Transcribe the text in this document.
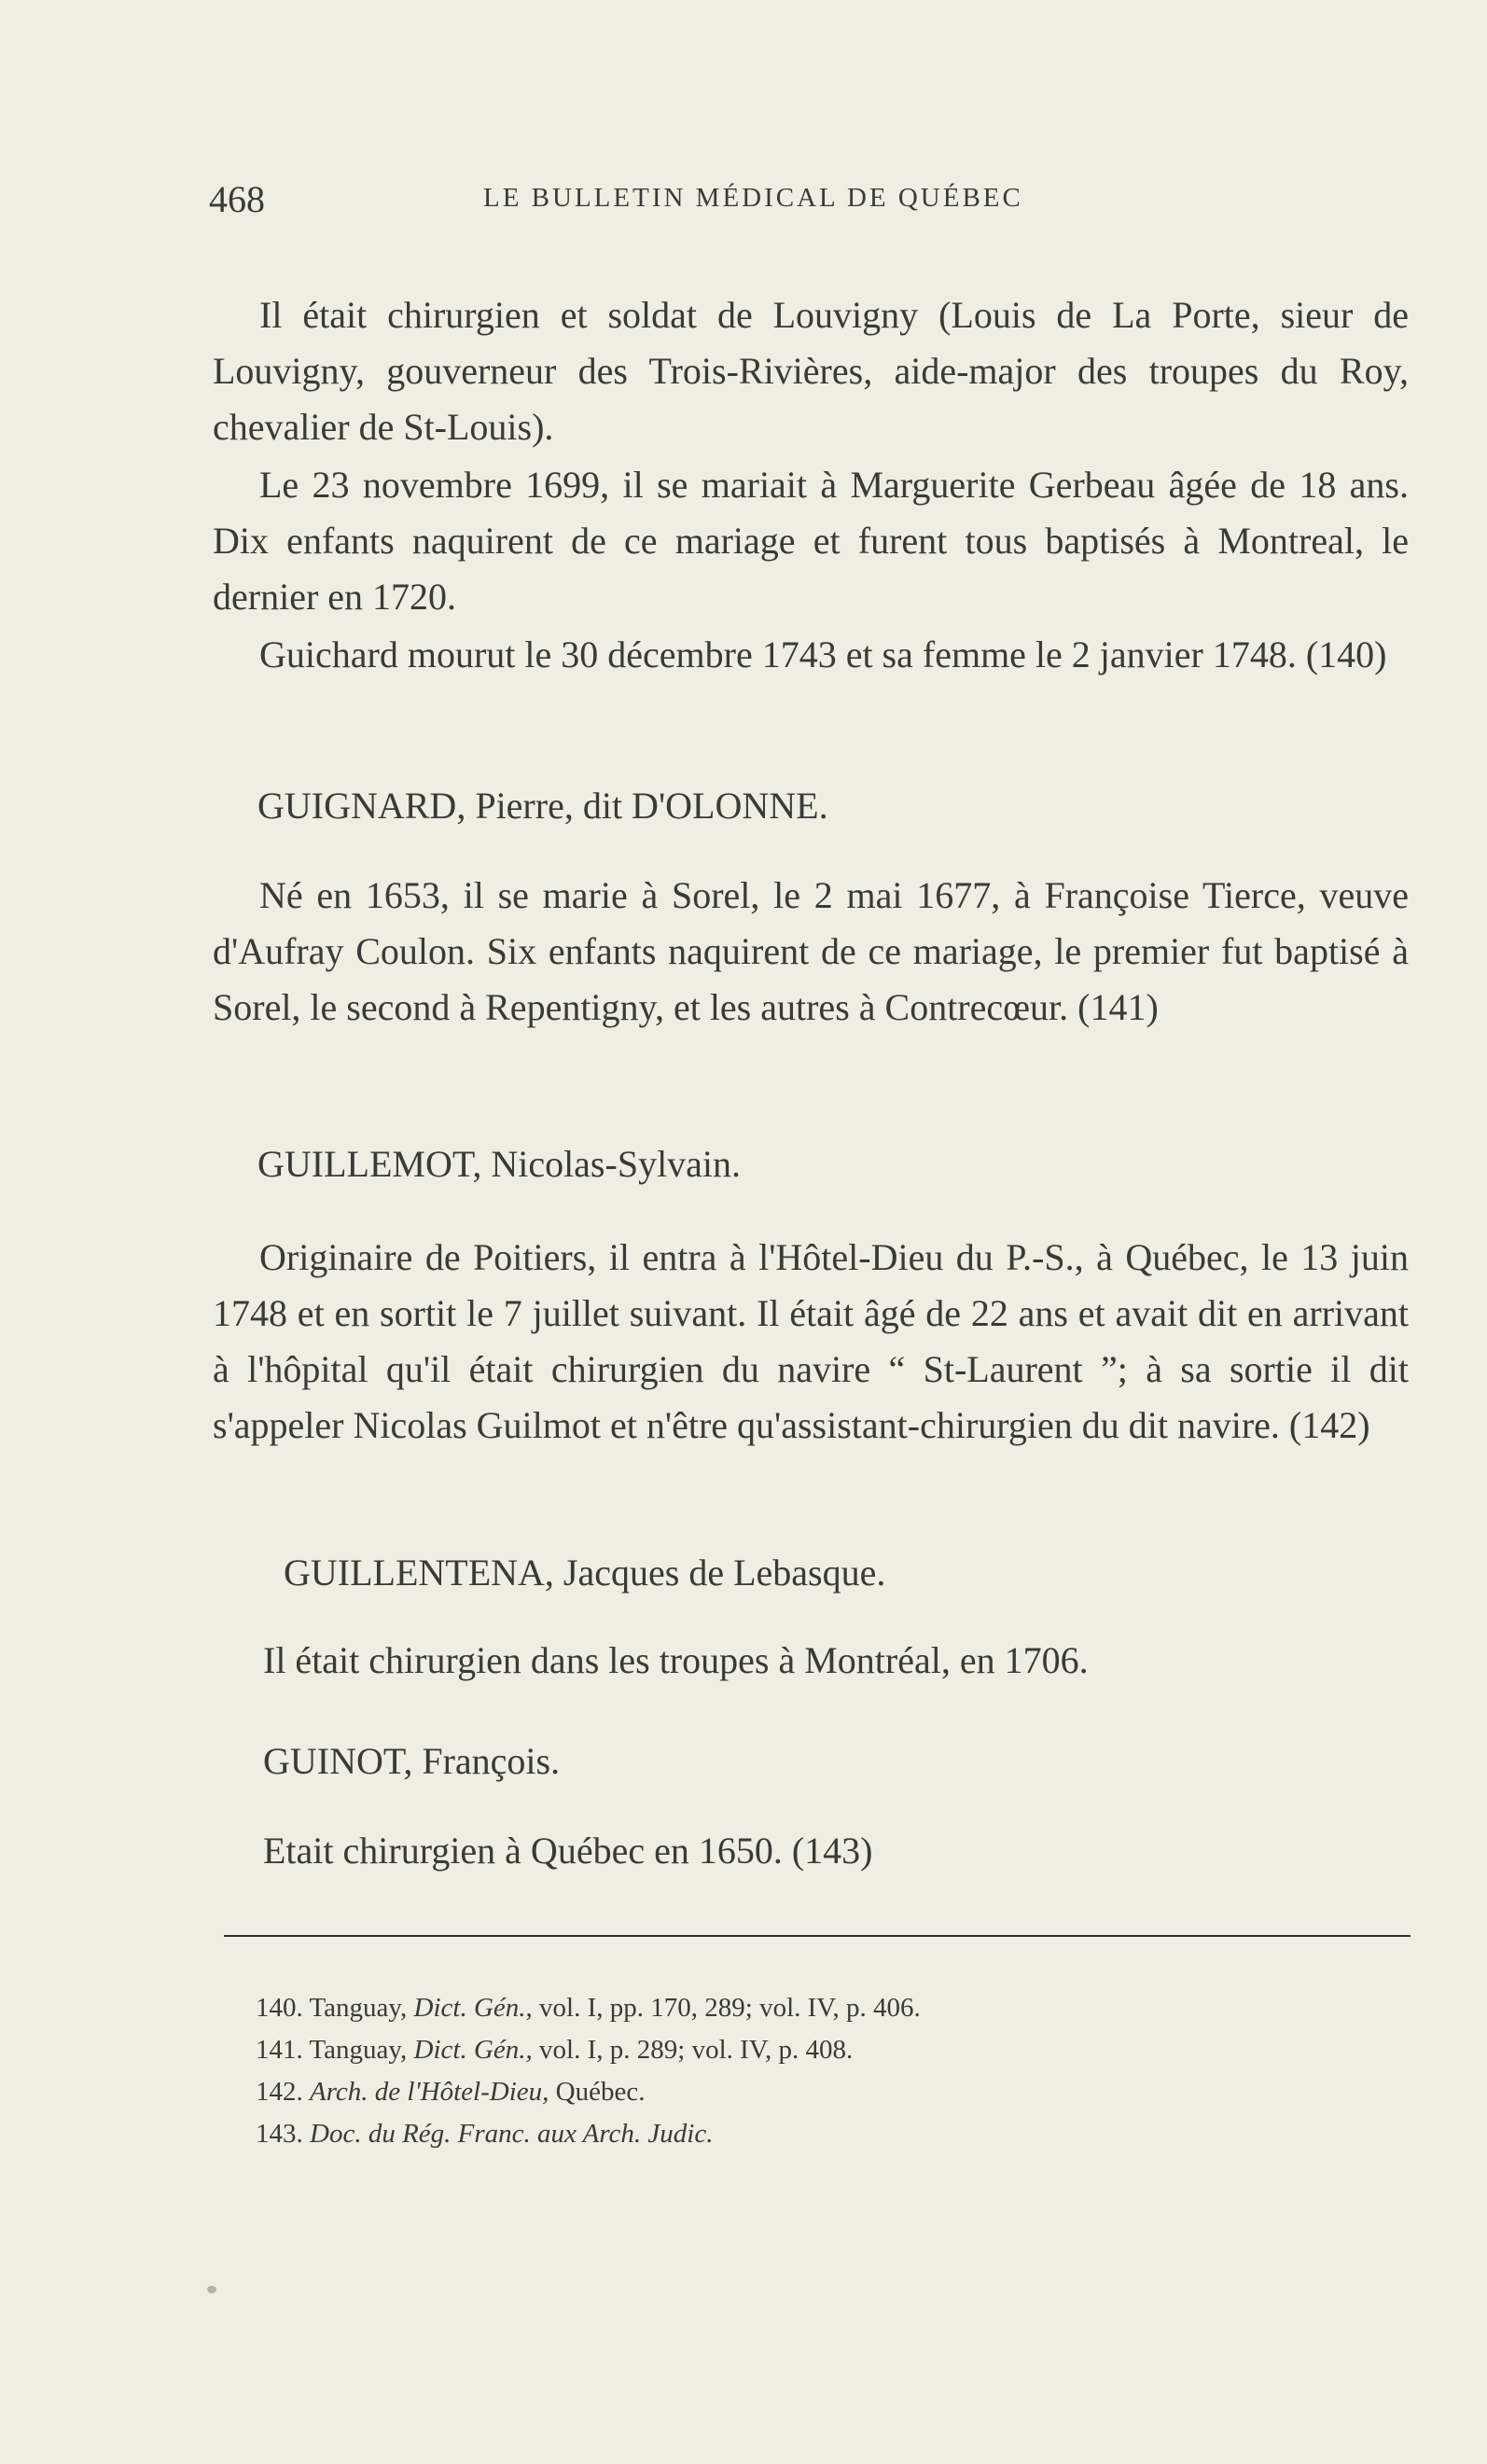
468	LE BULLETIN MÉDICAL DE QUÉBEC

Il était chirurgien et soldat de Louvigny (Louis de La Porte, sieur de Louvigny, gouverneur des Trois-Rivières, aide-major des troupes du Roy, chevalier de St-Louis).

Le 23 novembre 1699, il se mariait à Marguerite Gerbeau âgée de 18 ans. Dix enfants naquirent de ce mariage et furent tous baptisés à Montreal, le dernier en 1720.

Guichard mourut le 30 décembre 1743 et sa femme le 2 janvier 1748. (140)

GUIGNARD, Pierre, dit D'OLONNE.

Né en 1653, il se marie à Sorel, le 2 mai 1677, à Françoise Tierce, veuve d'Aufray Coulon. Six enfants naquirent de ce mariage, le premier fut baptisé à Sorel, le second à Repentigny, et les autres à Contrecœur. (141)

GUILLEMOT, Nicolas-Sylvain.

Originaire de Poitiers, il entra à l'Hôtel-Dieu du P.-S., à Québec, le 13 juin 1748 et en sortit le 7 juillet suivant. Il était âgé de 22 ans et avait dit en arrivant à l'hôpital qu'il était chirurgien du navire “ St-Laurent ”; à sa sortie il dit s'appeler Nicolas Guilmot et n'être qu'assistant-chirurgien du dit navire. (142)

GUILLENTENA, Jacques de Lebasque.

Il était chirurgien dans les troupes à Montréal, en 1706.

GUINOT, François.

Etait chirurgien à Québec en 1650. (143)

140. Tanguay, Dict. Gén., vol. I, pp. 170, 289; vol. IV, p. 406.
141. Tanguay, Dict. Gén., vol. I, p. 289; vol. IV, p. 408.
142. Arch. de l'Hôtel-Dieu, Québec.
143. Doc. du Rég. Franc. aux Arch. Judic.
